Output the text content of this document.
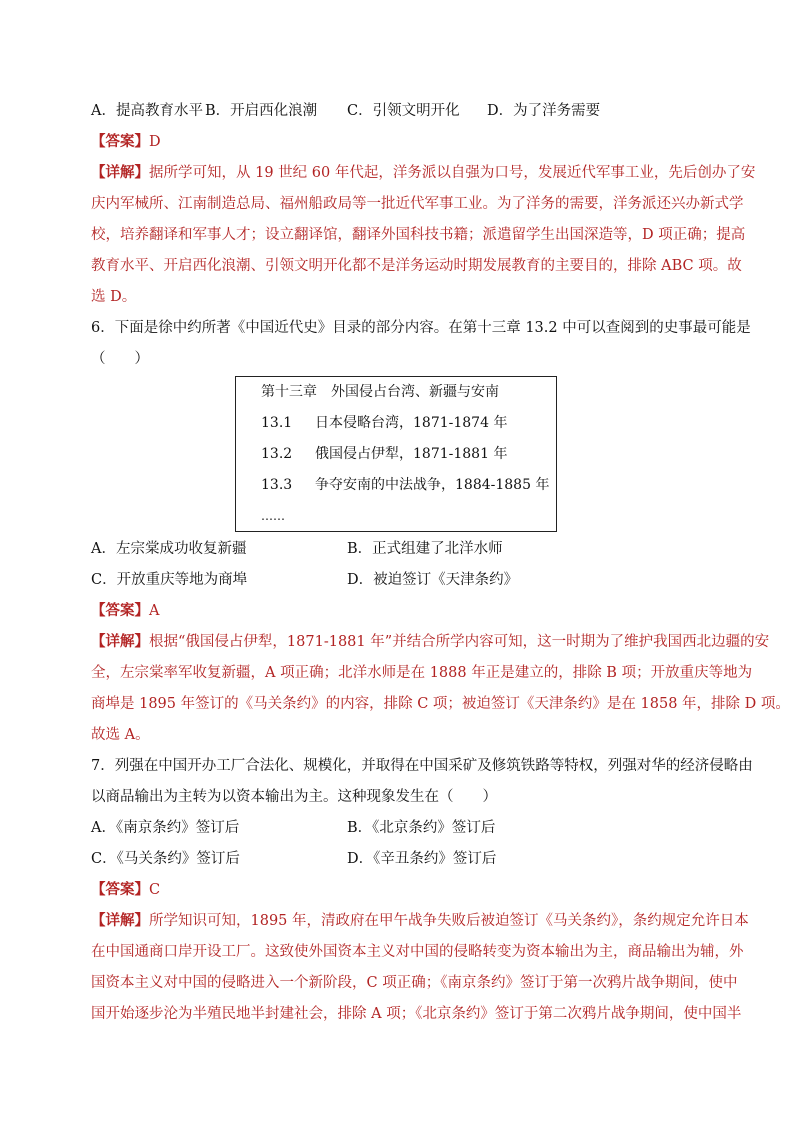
A．提高教育水平 B．开启西化浪潮 C．引领文明开化 D．为了洋务需要
【答案】D
【详解】据所学可知，从 19 世纪 60 年代起，洋务派以自强为口号，发展近代军事工业，先后创办了安
庆内军械所、江南制造总局、福州船政局等一批近代军事工业。为了洋务的需要，洋务派还兴办新式学
校，培养翻译和军事人才；设立翻译馆，翻译外国科技书籍；派遣留学生出国深造等，D 项正确；提高
教育水平、开启西化浪潮、引领文明开化都不是洋务运动时期发展教育的主要目的，排除 ABC 项。故
选 D。
6．下面是徐中约所著《中国近代史》目录的部分内容。在第十三章 13.2 中可以查阅到的史事最可能是
（　　）
第十三章　外国侵占台湾、新疆与安南
13.1 日本侵略台湾，1871-1874 年
13.2 俄国侵占伊犁，1871-1881 年
13.3 争夺安南的中法战争，1884-1885 年
……
A．左宗棠成功收复新疆	B．正式组建了北洋水师
C．开放重庆等地为商埠	D．被迫签订《天津条约》
【答案】A
【详解】根据“俄国侵占伊犁，1871-1881 年”并结合所学内容可知，这一时期为了维护我国西北边疆的安
全，左宗棠率军收复新疆，A 项正确；北洋水师是在 1888 年正是建立的，排除 B 项；开放重庆等地为
商埠是 1895 年签订的《马关条约》的内容，排除 C 项；被迫签订《天津条约》是在 1858 年，排除 D 项。
故选 A。
7．列强在中国开办工厂合法化、规模化，并取得在中国采矿及修筑铁路等特权，列强对华的经济侵略由
以商品输出为主转为以资本输出为主。这种现象发生在（　　）
A．《南京条约》签订后	B．《北京条约》签订后
C．《马关条约》签订后	D．《辛丑条约》签订后
【答案】C
【详解】所学知识可知，1895 年，清政府在甲午战争失败后被迫签订《马关条约》，条约规定允许日本
在中国通商口岸开设工厂。这致使外国资本主义对中国的侵略转变为资本输出为主，商品输出为辅，外
国资本主义对中国的侵略进入一个新阶段，C 项正确；《南京条约》签订于第一次鸦片战争期间，使中
国开始逐步沦为半殖民地半封建社会，排除 A 项；《北京条约》签订于第二次鸦片战争期间，使中国半
